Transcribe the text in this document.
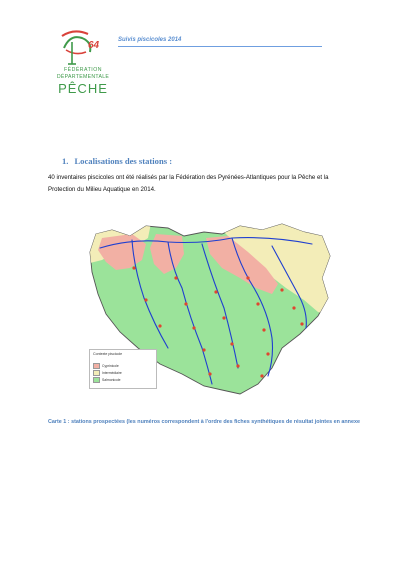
64
FÉDÉRATION
DÉPARTEMENTALE
PÊCHE
Suivis piscicoles 2014
1. Localisations des stations :
40 inventaires piscicoles ont été réalisés par la Fédération des Pyrénées-Atlantiques pour la Pêche et la Protection du Milieu Aquatique en 2014.
Contexte piscicole
Cyprinicole
Intermédiaire
Salmonicole
Carte 1 : stations prospectées (les numéros correspondent à l'ordre des fiches synthétiques de résultat jointes en annexe
